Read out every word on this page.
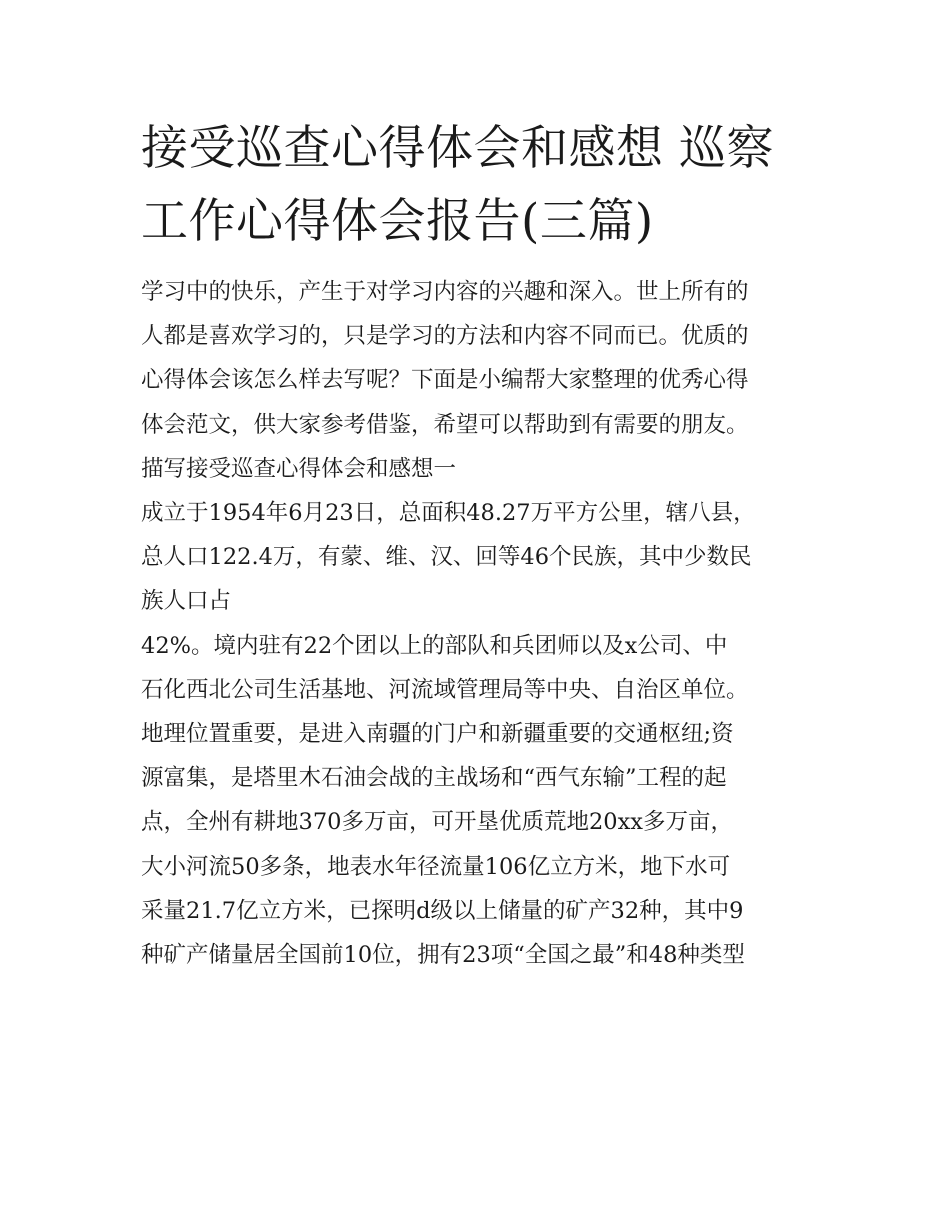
接受巡查心得体会和感想 巡察
工作心得体会报告(三篇)

学习中的快乐，产生于对学习内容的兴趣和深入。世上所有的

人都是喜欢学习的，只是学习的方法和内容不同而已。优质的

心得体会该怎么样去写呢？下面是小编帮大家整理的优秀心得

体会范文，供大家参考借鉴，希望可以帮助到有需要的朋友。

描写接受巡查心得体会和感想一

成立于1954年6月23日，总面积48.27万平方公里，辖八县，

总人口122.4万，有蒙、维、汉、回等46个民族，其中少数民

族人口占

42%。境内驻有22个团以上的部队和兵团师以及x公司、中

石化西北公司生活基地、河流域管理局等中央、自治区单位。

地理位置重要，是进入南疆的门户和新疆重要的交通枢纽;资

源富集，是塔里木石油会战的主战场和“西气东输”工程的起

点，全州有耕地370多万亩，可开垦优质荒地20xx多万亩，

大小河流50多条，地表水年径流量106亿立方米，地下水可

采量21.7亿立方米，已探明d级以上储量的矿产32种，其中9

种矿产储量居全国前10位，拥有23项“全国之最”和48种类型
